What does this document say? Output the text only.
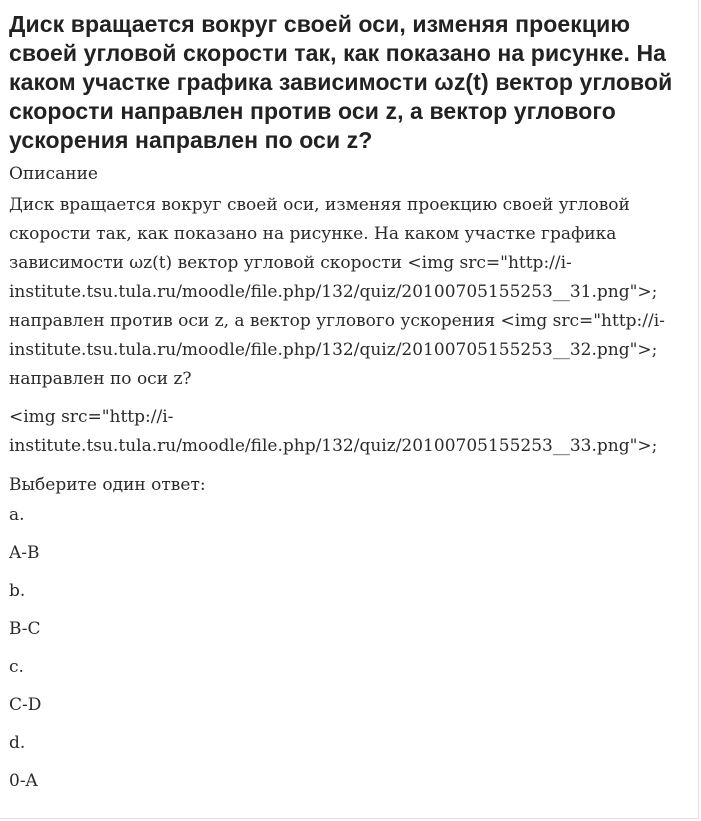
Диск вращается вокруг своей оси, изменяя проекцию своей угловой скорости так, как показано на рисунке. На каком участке графика зависимости ωz(t) вектор угловой скорости направлен против оси z, а вектор углового ускорения направлен по оси z?
Описание

Диск вращается вокруг своей оси, изменяя проекцию своей угловой скорости так, как показано на рисунке. На каком участке графика зависимости ωz(t) вектор угловой скорости <img src="http://i-institute.tsu.tula.ru/moodle/file.php/132/quiz/20100705155253__31.png">; направлен против оси z, а вектор углового ускорения <img src="http://i-institute.tsu.tula.ru/moodle/file.php/132/quiz/20100705155253__32.png">; направлен по оси z?

<img src="http://i-institute.tsu.tula.ru/moodle/file.php/132/quiz/20100705155253__33.png">;

Выберите один ответ:
a.
A-B
b.
B-C
c.
C-D
d.
0-A
